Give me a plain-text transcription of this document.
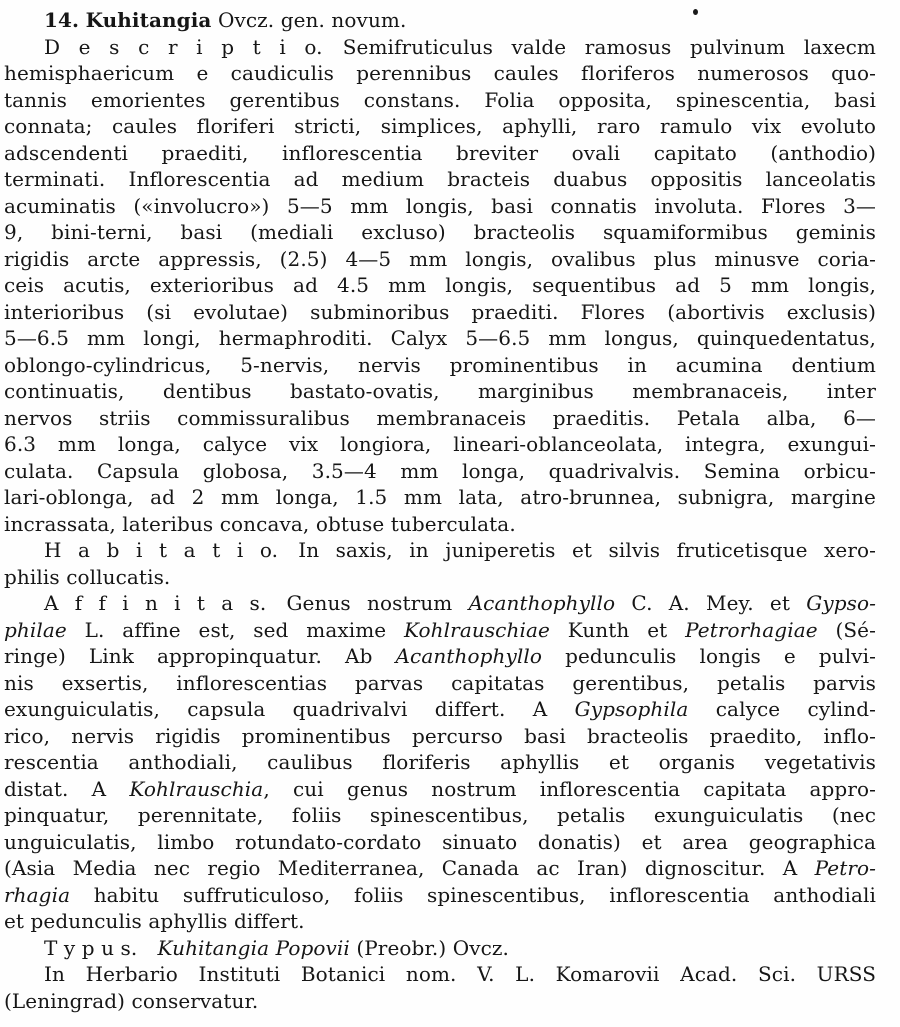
14. Kuhitangia Ovcz. gen. novum.
D e s c r i p t i o. Semifruticulus valde ramosus pulvinum laxecm
hemisphaericum e caudiculis perennibus caules floriferos numerosos quo-
tannis emorientes gerentibus constans. Folia opposita, spinescentia, basi
connata; caules floriferi stricti, simplices, aphylli, raro ramulo vix evoluto
adscendenti praediti, inflorescentia breviter ovali capitato (anthodio)
terminati. Inflorescentia ad medium bracteis duabus oppositis lanceolatis
acuminatis («involucro») 5—5 mm longis, basi connatis involuta. Flores 3—
9, bini-terni, basi (mediali excluso) bracteolis squamiformibus geminis
rigidis arcte appressis, (2.5) 4—5 mm longis, ovalibus plus minusve coria-
ceis acutis, exterioribus ad 4.5 mm longis, sequentibus ad 5 mm longis,
interioribus (si evolutae) subminoribus praediti. Flores (abortivis exclusis)
5—6.5 mm longi, hermaphroditi. Calyx 5—6.5 mm longus, quinquedentatus,
oblongo-cylindricus, 5-nervis, nervis prominentibus in acumina dentium
continuatis, dentibus bastato-ovatis, marginibus membranaceis, inter
nervos striis commissuralibus membranaceis praeditis. Petala alba, 6—
6.3 mm longa, calyce vix longiora, lineari-oblanceolata, integra, exungui-
culata. Capsula globosa, 3.5—4 mm longa, quadrivalvis. Semina orbicu-
lari-oblonga, ad 2 mm longa, 1.5 mm lata, atro-brunnea, subnigra, margine
incrassata, lateribus concava, obtuse tuberculata.
H a b i t a t i o. In saxis, in juniperetis et silvis fruticetisque xero-
philis collucatis.
A f f i n i t a s. Genus nostrum Acanthophyllo C. A. Mey. et Gypso-
philae L. affine est, sed maxime Kohlrauschiae Kunth et Petrorhagiae (Sé-
ringe) Link appropinquatur. Ab Acanthophyllo pedunculis longis e pulvi-
nis exsertis, inflorescentias parvas capitatas gerentibus, petalis parvis
exunguiculatis, capsula quadrivalvi differt. A Gypsophila calyce cylind-
rico, nervis rigidis prominentibus percurso basi bracteolis praedito, inflo-
rescentia anthodiali, caulibus floriferis aphyllis et organis vegetativis
distat. A Kohlrauschia, cui genus nostrum inflorescentia capitata appro-
pinquatur, perennitate, foliis spinescentibus, petalis exunguiculatis (nec
unguiculatis, limbo rotundato-cordato sinuato donatis) et area geographica
(Asia Media nec regio Mediterranea, Canada ac Iran) dignoscitur. A Petro-
rhagia habitu suffruticuloso, foliis spinescentibus, inflorescentia anthodiali
et pedunculis aphyllis differt.
T y p u s. Kuhitangia Popovii (Preobr.) Ovcz.
In Herbario Instituti Botanici nom. V. L. Komarovii Acad. Sci. URSS
(Leningrad) conservatur.
